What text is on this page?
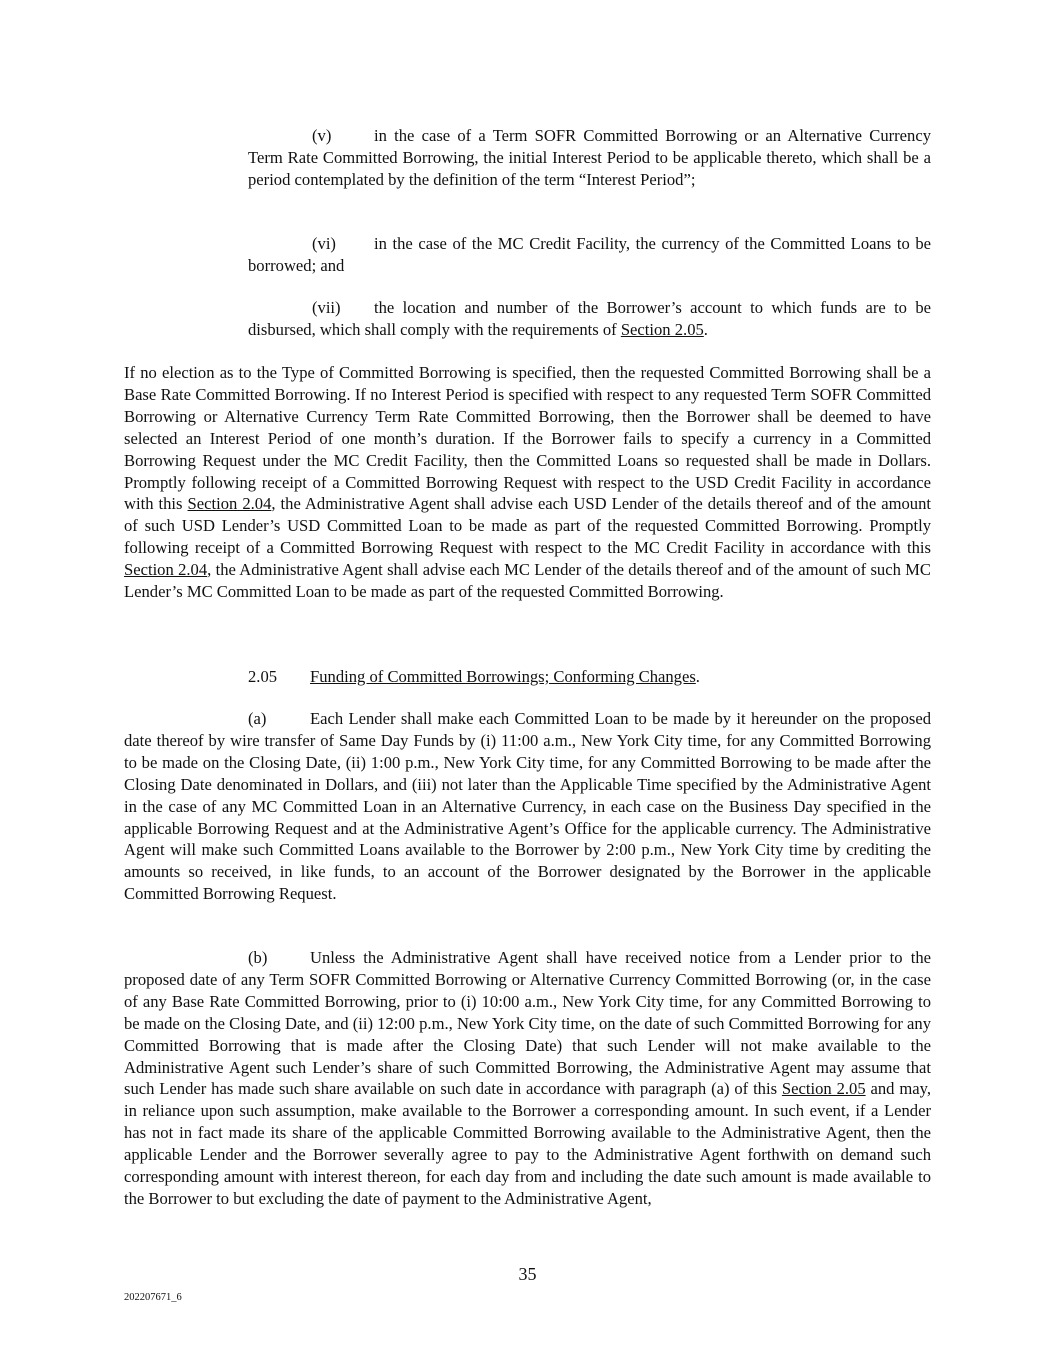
(v)	in the case of a Term SOFR Committed Borrowing or an Alternative Currency Term Rate Committed Borrowing, the initial Interest Period to be applicable thereto, which shall be a period contemplated by the definition of the term “Interest Period”;

(vi) in the case of the MC Credit Facility, the currency of the Committed Loans to be borrowed; and

(vii) the location and number of the Borrower’s account to which funds are to be disbursed, which shall comply with the requirements of Section 2.05.

If no election as to the Type of Committed Borrowing is specified, then the requested Committed Borrowing shall be a Base Rate Committed Borrowing. If no Interest Period is specified with respect to any requested Term SOFR Committed Borrowing or Alternative Currency Term Rate Committed Borrowing, then the Borrower shall be deemed to have selected an Interest Period of one month’s duration. If the Borrower fails to specify a currency in a Committed Borrowing Request under the MC Credit Facility, then the Committed Loans so requested shall be made in Dollars. Promptly following receipt of a Committed Borrowing Request with respect to the USD Credit Facility in accordance with this Section 2.04, the Administrative Agent shall advise each USD Lender of the details thereof and of the amount of such USD Lender’s USD Committed Loan to be made as part of the requested Committed Borrowing. Promptly following receipt of a Committed Borrowing Request with respect to the MC Credit Facility in accordance with this Section 2.04, the Administrative Agent shall advise each MC Lender of the details thereof and of the amount of such MC Lender’s MC Committed Loan to be made as part of the requested Committed Borrowing.

2.05 Funding of Committed Borrowings; Conforming Changes.

(a)	Each Lender shall make each Committed Loan to be made by it hereunder on the proposed date thereof by wire transfer of Same Day Funds by (i) 11:00 a.m., New York City time, for any Committed Borrowing to be made on the Closing Date, (ii) 1:00 p.m., New York City time, for any Committed Borrowing to be made after the Closing Date denominated in Dollars, and (iii) not later than the Applicable Time specified by the Administrative Agent in the case of any MC Committed Loan in an Alternative Currency, in each case on the Business Day specified in the applicable Borrowing Request and at the Administrative Agent’s Office for the applicable currency. The Administrative Agent will make such Committed Loans available to the Borrower by 2:00 p.m., New York City time by crediting the amounts so received, in like funds, to an account of the Borrower designated by the Borrower in the applicable Committed Borrowing Request.

(b)	Unless the Administrative Agent shall have received notice from a Lender prior to the proposed date of any Term SOFR Committed Borrowing or Alternative Currency Committed Borrowing (or, in the case of any Base Rate Committed Borrowing, prior to (i) 10:00 a.m., New York City time, for any Committed Borrowing to be made on the Closing Date, and (ii) 12:00 p.m., New York City time, on the date of such Committed Borrowing for any Committed Borrowing that is made after the Closing Date) that such Lender will not make available to the Administrative Agent such Lender’s share of such Committed Borrowing, the Administrative Agent may assume that such Lender has made such share available on such date in accordance with paragraph (a) of this Section 2.05 and may, in reliance upon such assumption, make available to the Borrower a corresponding amount. In such event, if a Lender has not in fact made its share of the applicable Committed Borrowing available to the Administrative Agent, then the applicable Lender and the Borrower severally agree to pay to the Administrative Agent forthwith on demand such corresponding amount with interest thereon, for each day from and including the date such amount is made available to the Borrower to but excluding the date of payment to the Administrative Agent,

35
202207671_6
